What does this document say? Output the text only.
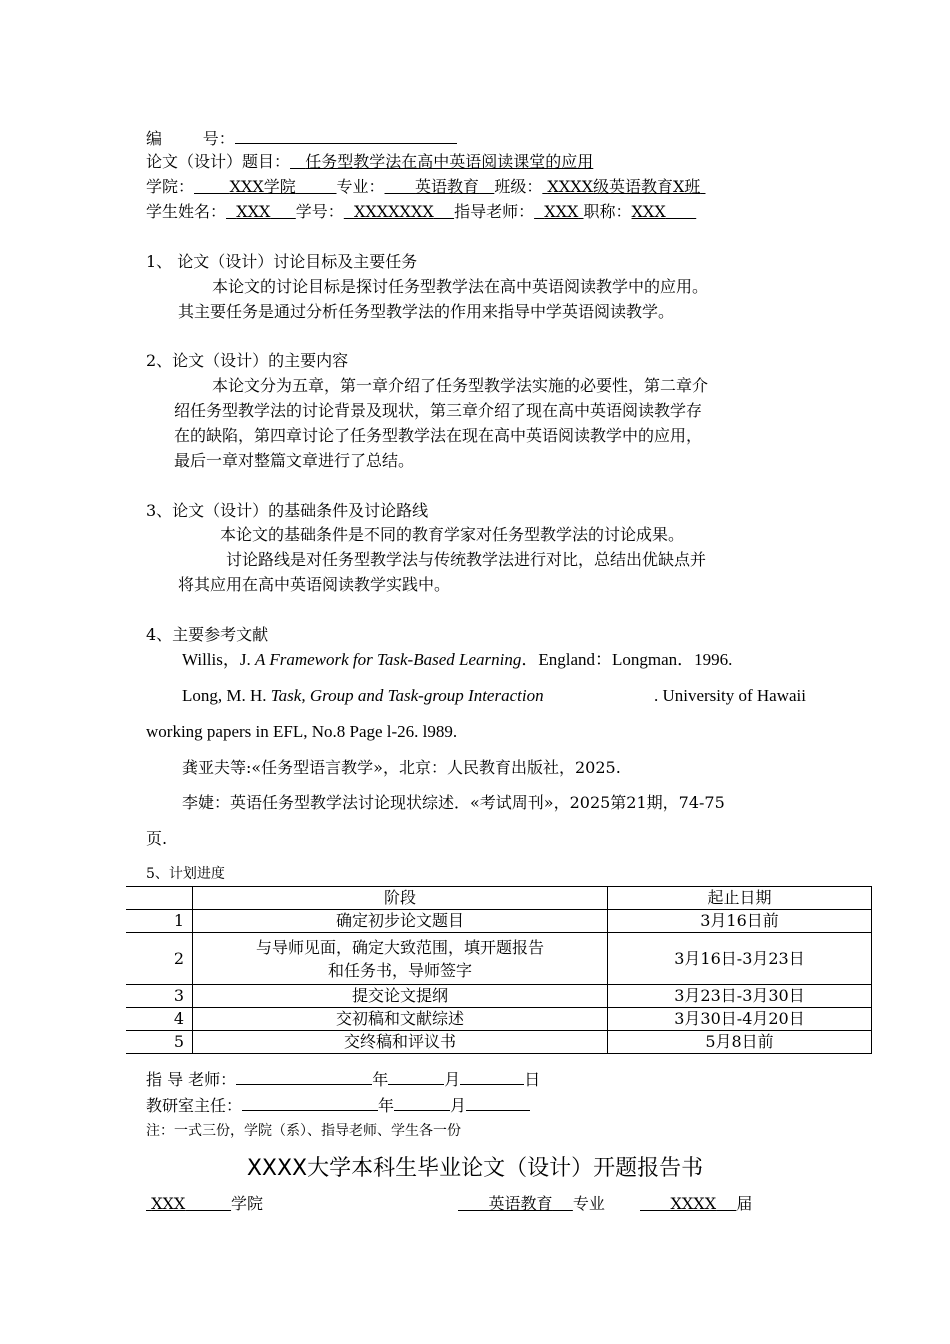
编        号：
论文（设计）题目： 任务型教学法在高中英语阅读课堂的应用
学院： XXX学院	专业： 英语教育 班级： XXXX级英语教育X班
学生姓名： XXX 学号： XXXXXXX 指导老师： XXX 职称：XXX
1、 论文（设计）讨论目标及主要任务
本论文的讨论目标是探讨任务型教学法在高中英语阅读教学中的应用。
其主要任务是通过分析任务型教学法的作用来指导中学英语阅读教学。
2、论文（设计）的主要内容
本论文分为五章，第一章介绍了任务型教学法实施的必要性，第二章介
绍任务型教学法的讨论背景及现状，第三章介绍了现在高中英语阅读教学存
在的缺陷，第四章讨论了任务型教学法在现在高中英语阅读教学中的应用，
最后一章对整篇文章进行了总结。
3、论文（设计）的基础条件及讨论路线
本论文的基础条件是不同的教育学家对任务型教学法的讨论成果。
讨论路线是对任务型教学法与传统教学法进行对比，总结出优缺点并
将其应用在高中英语阅读教学实践中。
4、主要参考文献
Willis，J. A Framework for Task-Based Learning．England：Longman．1996.
Long, M. H. Task, Group and Task-group Interaction	. University of Hawaii
working papers in EFL, No.8 Page l-26. l989.
龚亚夫等:«任务型语言教学»，北京：人民教育出版社，2025.
李婕：英语任务型教学法讨论现状综述．«考试周刊»，2025第21期，74-75
页.
5、计划进度
	阶段	起止日期
1	确定初步论文题目	3月16日前
2	与导师见面，确定大致范围，填开题报告
和任务书，导师签字	3月16日-3月23日
3	提交论文提纲	3月23日-3月30日
4	交初稿和文献综述	3月30日-4月20日
5	交终稿和评议书	5月8日前
指 导 老师：	年	月	日
教研室主任：	年	月
注：一式三份，学院（系）、指导老师、学生各一份
XXXX大学本科生毕业论文（设计）开题报告书
XXX	学院	英语教育 专业	XXXX 届
